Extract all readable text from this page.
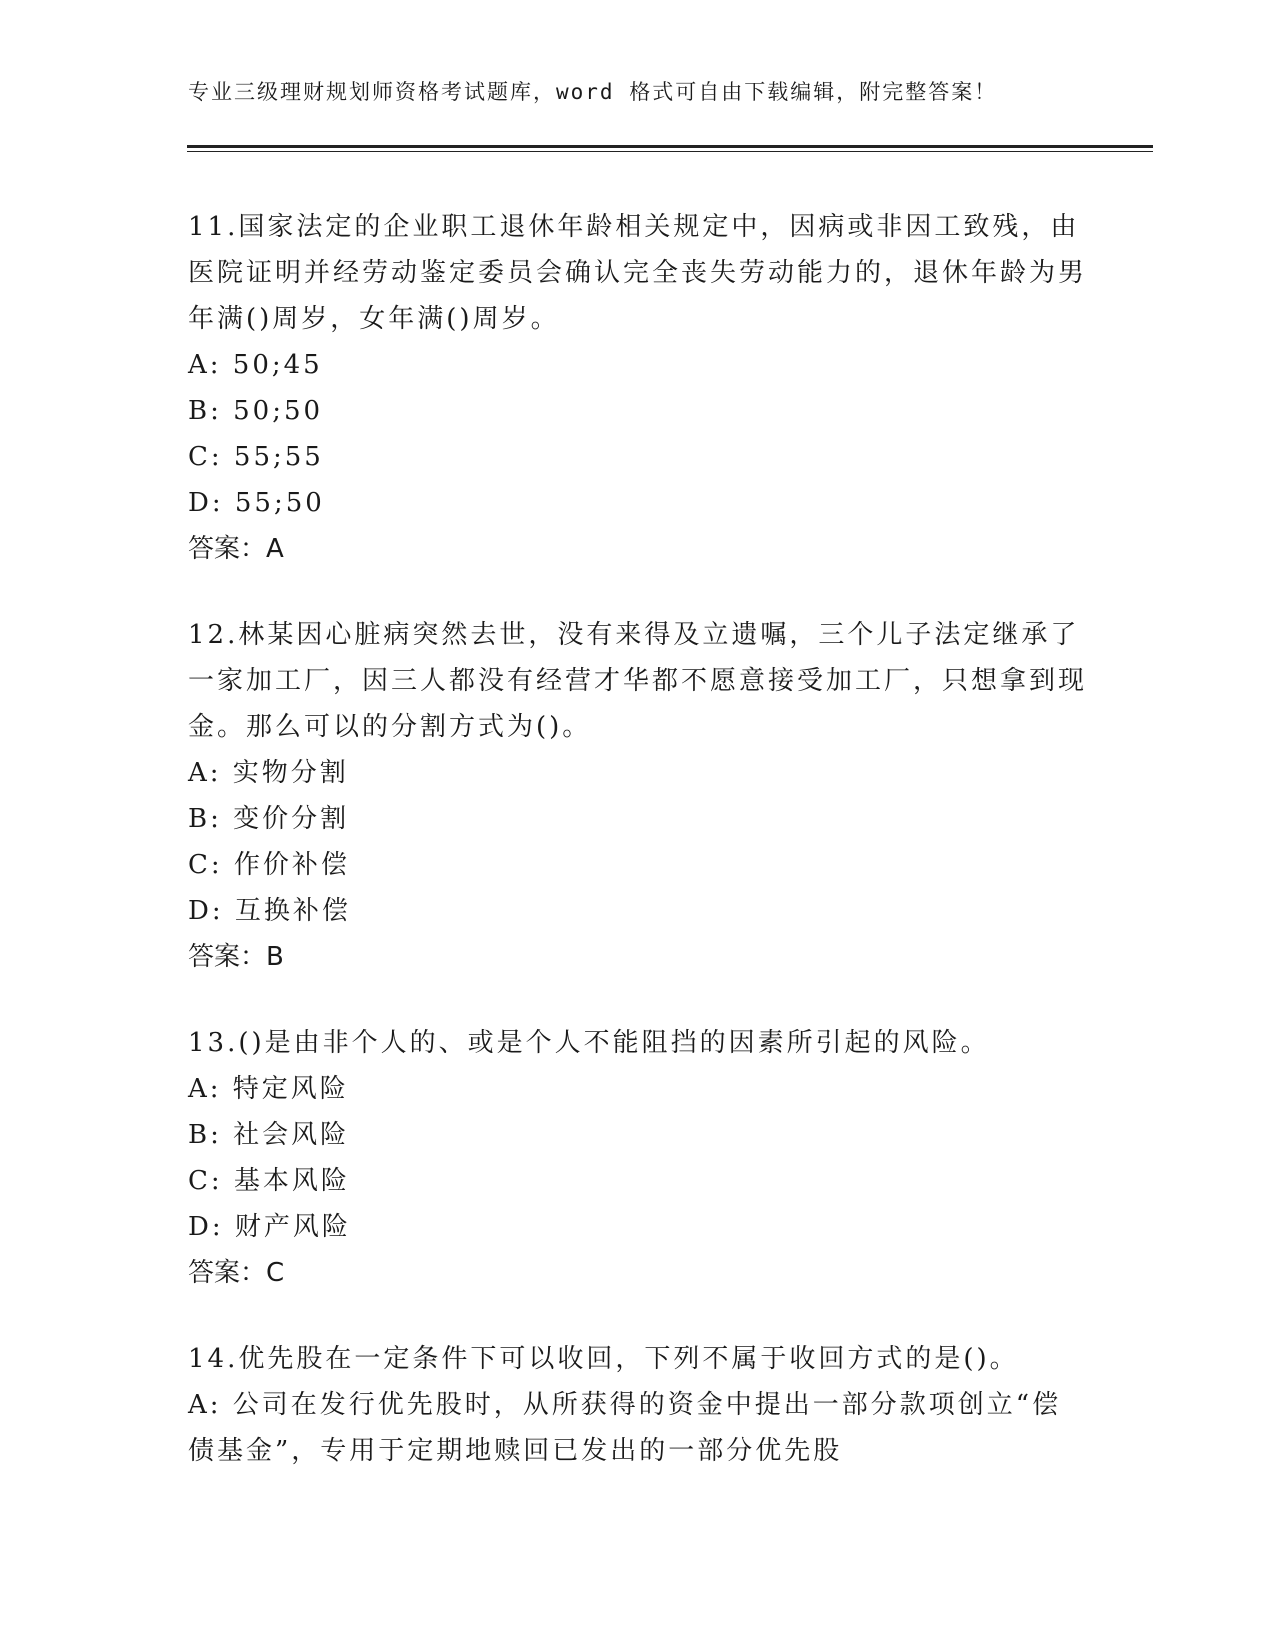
专业三级理财规划师资格考试题库，word 格式可自由下载编辑，附完整答案！

11.国家法定的企业职工退休年龄相关规定中，因病或非因工致残，由医院证明并经劳动鉴定委员会确认完全丧失劳动能力的，退休年龄为男年满()周岁，女年满()周岁。

A: 50;45

B: 50;50

C: 55;55

D: 55;50

答案：A

12.林某因心脏病突然去世，没有来得及立遗嘱，三个儿子法定继承了一家加工厂，因三人都没有经营才华都不愿意接受加工厂，只想拿到现金。那么可以的分割方式为()。

A: 实物分割

B: 变价分割

C: 作价补偿

D: 互换补偿

答案：B

13.()是由非个人的、或是个人不能阻挡的因素所引起的风险。

A: 特定风险

B: 社会风险

C: 基本风险

D: 财产风险

答案：C

14.优先股在一定条件下可以收回，下列不属于收回方式的是()。

A: 公司在发行优先股时，从所获得的资金中提出一部分款项创立“偿债基金”，专用于定期地赎回已发出的一部分优先股
